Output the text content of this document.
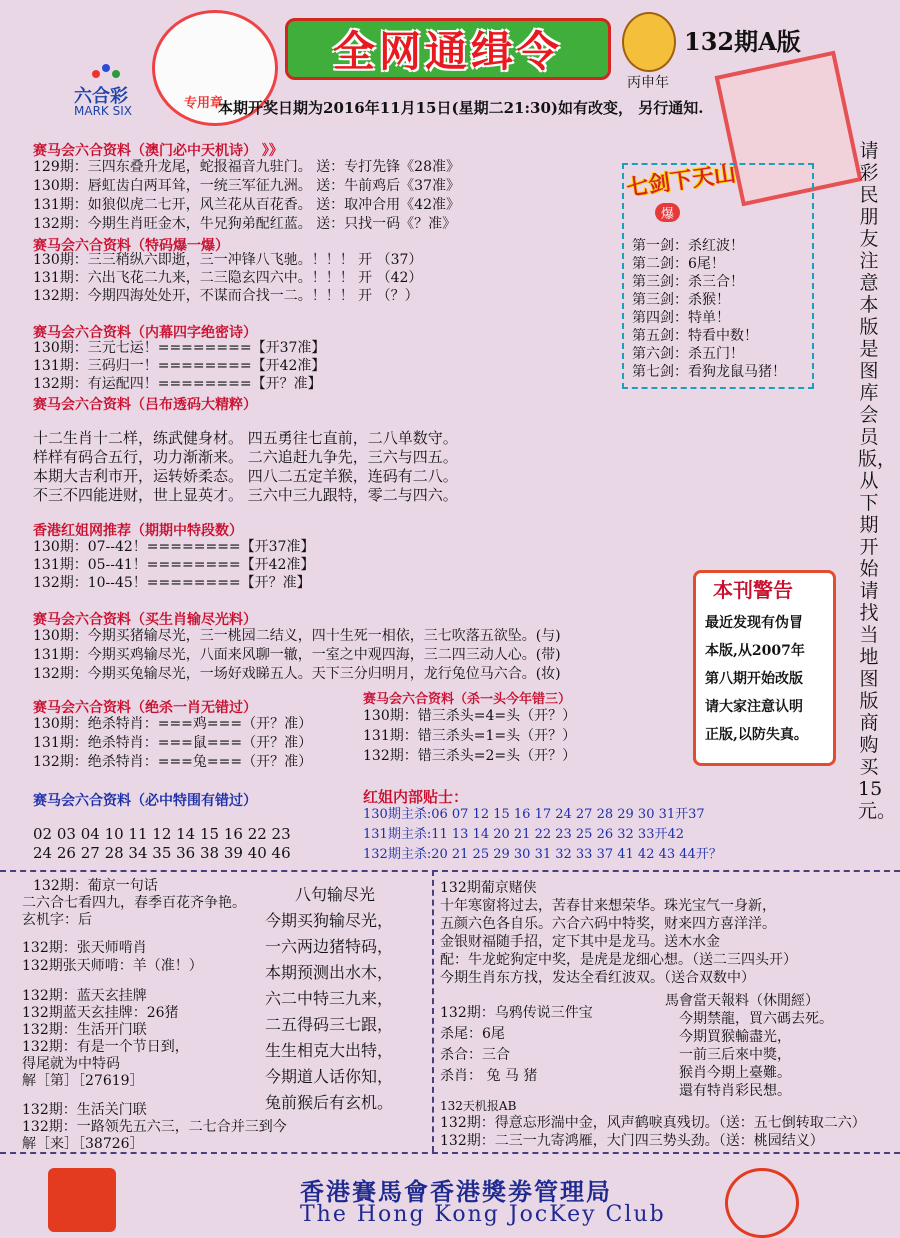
六合彩
MARK SIX	专用章
全网通缉令
丙申年
132期A版
本期开奖日期为2016年11月15日(星期二21:30)如有改变， 另行通知.
请彩民朋友注意本版是图库会员版，从下期开始请找当地图版商购买15元。
赛马会六合资料（澳门必中天机诗） 》》
129期：三四东叠升龙尾，蛇报福音九驻门。 送：专打先锋《28准》
130期：唇虹齿白两耳耸，一统三军征九洲。 送：牛前鸡后《37准》
131期：如狼似虎二七开，风兰花从百花香。 送：取冲合用《42准》
132期：今期生肖旺金木，牛兄狗弟配红蓝。 送：只找一码《？准》
赛马会六合资料（特码爆一爆）
130期：三三稍纵六即逝，三一冲锋八飞驰。！！！ 开 （37）
131期：六出飞花二九来，二三隐玄四六中。！！！ 开 （42）
132期：今期四海处处开，不谋而合找一二。！！！ 开 （？）
赛马会六合资料（内幕四字绝密诗）
130期：三元七运！========【开37准】
131期：三码归一！========【开42准】
132期：有运配四！========【开？准】
赛马会六合资料（吕布透码大精粹）
十二生肖十二样，练武健身材。 四五勇往七直前，二八单数守。
样样有码合五行，功力渐渐来。 二六追赶九争先，三六与四五。
本期大吉利市开，运转娇柔态。 四八二五定羊猴，连码有二八。
不三不四能进财，世上显英才。 三六中三九跟特，零二与四六。
香港红姐网推荐（期期中特段数）
130期：07--42！========【开37准】
131期：05--41！========【开42准】
132期：10--45！========【开？准】
赛马会六合资料（买生肖输尽光料）
130期：今期买猪输尽光，三一桃园二结义，四十生死一相依，三七吹落五欲坠。(与)
131期：今期买鸡输尽光，八面来风聊一辙，一室之中观四海，三二四三动人心。(带)
132期：今期买兔输尽光，一场好戏睇五人。天下三分归明月，龙行兔位马六合。(妆)
赛马会六合资料（绝杀一肖无错过）
130期：绝杀特肖：===鸡===（开？准）
131期：绝杀特肖：===鼠===（开？准）
132期：绝杀特肖：===兔===（开？准）
赛马会六合资料（杀一头今年错三）
130期：错三杀头=4=头（开？）
131期：错三杀头=1=头（开？）
132期：错三杀头=2=头（开？）
赛马会六合资料（必中特围有错过）
02 03 04 10 11 12 14 15 16 22 23
24 26 27 28 34 35 36 38 39 40 46
红姐内部贴士：
130期主杀:06 07 12 15 16 17 24 27 28 29 30 31开37
131期主杀:11 13 14 20 21 22 23 25 26 32 33开42
132期主杀:20 21 25 29 30 31 32 33 37 41 42 43 44开？
七剑下天山
爆
第一剑：杀红波！
第二剑：6尾！
第三剑：杀三合！
第三剑：杀猴！
第四剑：特单！
第五剑：特看中数！
第六剑：杀五门！
第七剑：看狗龙鼠马猪！
本刊警告
最近发现有伪冒
本版,从2007年
第八期开始改版
请大家注意认明
正版,以防失真。
132期：葡京一句话
二六合七看四九，春季百花齐争艳。
玄机字：后
132期：张天师啃肖
132期张天师啃：羊（准！）
132期：蓝天玄挂牌
132期蓝天玄挂牌：26猪
132期：生活开门联
132期：有是一个节日到，
得尾就为中特码
解［第］［27619］
132期：生活关门联
132期：一路领先五六三，二七合并三到今
解［来］［38726］
八句输尽光
今期买狗输尽光，
一六两边猪特码，
本期预测出水木，
六二中特三九来，
二五得码三七跟，
生生相克大出特，
今期道人话你知，
兔前猴后有玄机。
132期葡京赌侠
十年寒窗将过去，苦春甘来想荣华。珠光宝气一身新，
五颜六色各自乐。六合六码中特奖，财来四方喜洋洋。
金银财福随手招，定下其中是龙马。送木水金
配：牛龙蛇狗定中奖，是虎是龙细心想。（送二三四头开）
今期生肖东方找，发达全看红波双。（送合双数中）
132期：乌鸦传说三件宝
杀尾：6尾
杀合：三合
杀肖： 兔 马 猪
馬會當天報料（休閒經）
今期禁龍，買六碼去死。
今期買猴輸盡光，
一前三后來中獎，
猴肖今期上臺難。
還有特肖彩民想。
132天机报AB
132期：得意忘形湍中金，风声鹤唳真残切。（送：五七倒转取二六）
132期：二三一九寄鸿雁，大门四三势头劲。（送：桃园结义）
香港賽馬會香港獎劵管理局
The Hong Kong JocKey Club
